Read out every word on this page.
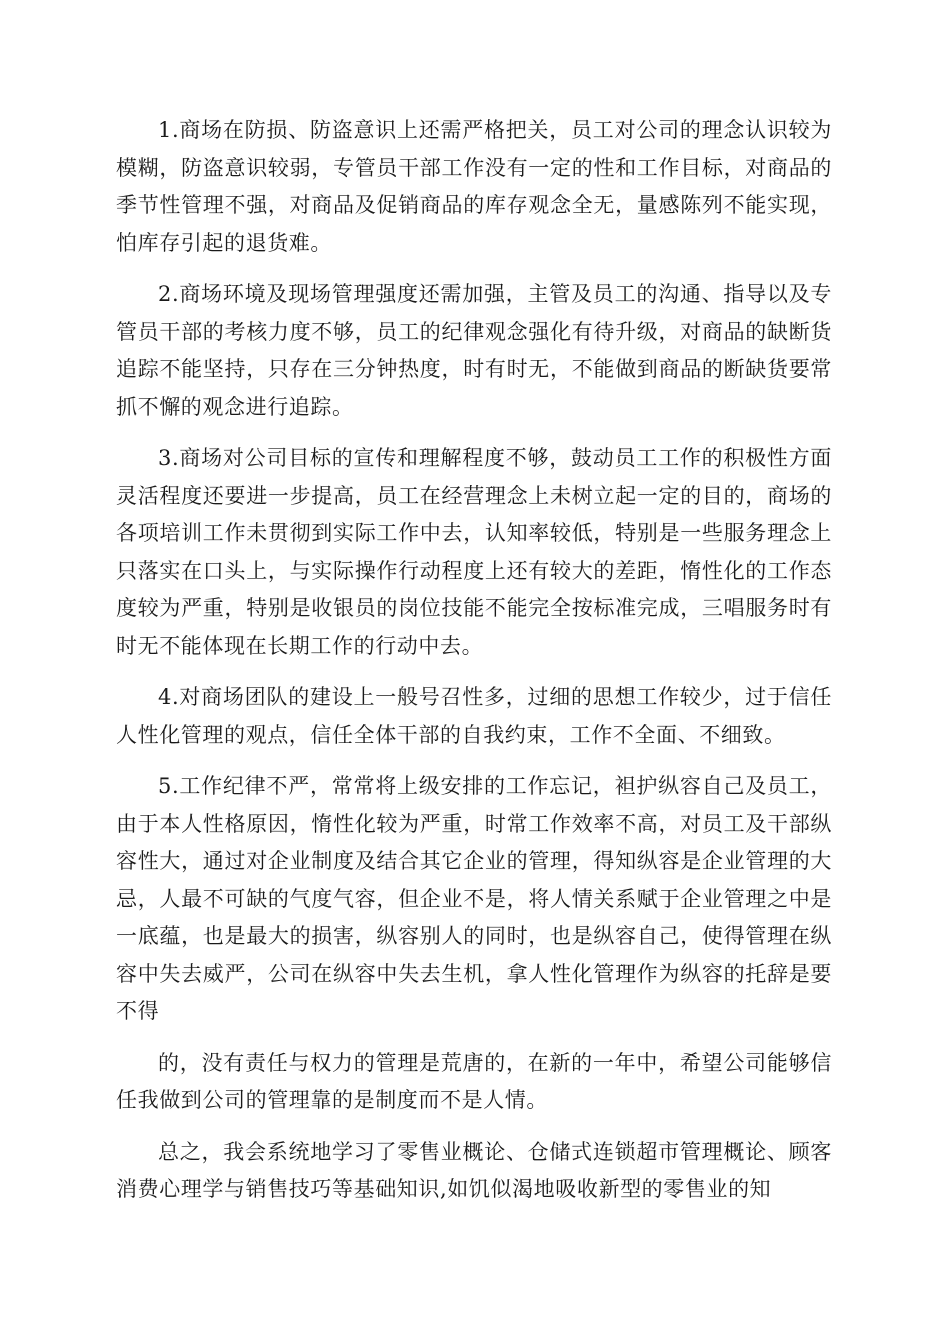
1.商场在防损、防盗意识上还需严格把关，员工对公司的理念认识较为模糊，防盗意识较弱，专管员干部工作没有一定的性和工作目标，对商品的季节性管理不强，对商品及促销商品的库存观念全无，量感陈列不能实现，怕库存引起的退货难。

2.商场环境及现场管理强度还需加强，主管及员工的沟通、指导以及专管员干部的考核力度不够，员工的纪律观念强化有待升级，对商品的缺断货追踪不能坚持，只存在三分钟热度，时有时无，不能做到商品的断缺货要常抓不懈的观念进行追踪。

3.商场对公司目标的宣传和理解程度不够，鼓动员工工作的积极性方面灵活程度还要进一步提高，员工在经营理念上未树立起一定的目的，商场的各项培训工作未贯彻到实际工作中去，认知率较低，特别是一些服务理念上只落实在口头上，与实际操作行动程度上还有较大的差距，惰性化的工作态度较为严重，特别是收银员的岗位技能不能完全按标准完成，三唱服务时有时无不能体现在长期工作的行动中去。

4.对商场团队的建设上一般号召性多，过细的思想工作较少，过于信任人性化管理的观点，信任全体干部的自我约束，工作不全面、不细致。

5.工作纪律不严，常常将上级安排的工作忘记，袒护纵容自己及员工，由于本人性格原因，惰性化较为严重，时常工作效率不高，对员工及干部纵容性大，通过对企业制度及结合其它企业的管理，得知纵容是企业管理的大忌，人最不可缺的气度气容，但企业不是，将人情关系赋于企业管理之中是一底蕴，也是最大的损害，纵容别人的同时，也是纵容自己，使得管理在纵容中失去威严，公司在纵容中失去生机，拿人性化管理作为纵容的托辞是要不得

的，没有责任与权力的管理是荒唐的，在新的一年中，希望公司能够信任我做到公司的管理靠的是制度而不是人情。

总之，我会系统地学习了零售业概论、仓储式连锁超市管理概论、顾客消费心理学与销售技巧等基础知识,如饥似渴地吸收新型的零售业的知
